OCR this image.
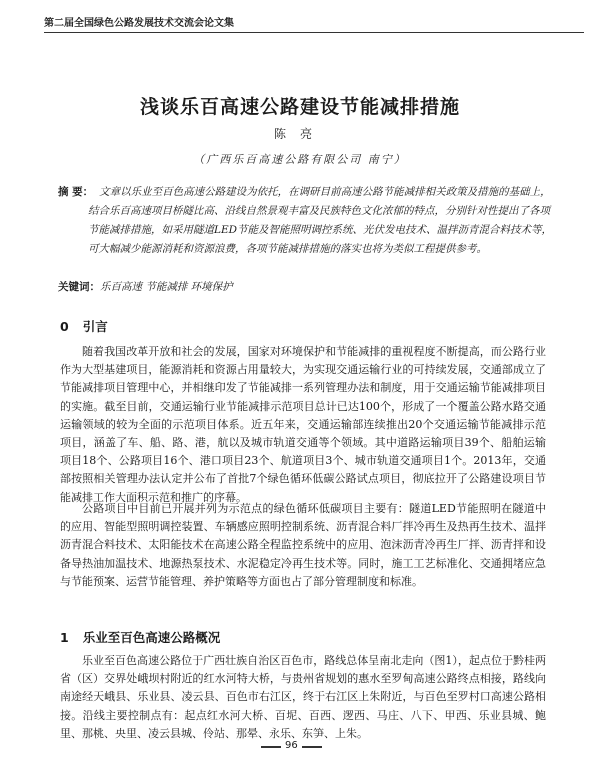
第二届全国绿色公路发展技术交流会论文集
浅谈乐百高速公路建设节能减排措施
陈亮
（广西乐百高速公路有限公司 南宁）
摘 要： 文章以乐业至百色高速公路建设为依托，在调研目前高速公路节能减排相关政策及措施的基础上，结合乐百高速项目桥隧比高、沿线自然景观丰富及民族特色文化浓郁的特点，分别针对性提出了各项节能减排措施，如采用隧道LED节能及智能照明调控系统、光伏发电技术、温拌沥青混合料技术等，可大幅减少能源消耗和资源浪费，各项节能减排措施的落实也将为类似工程提供参考。
关键词：乐百高速 节能减排 环境保护
0 引言
随着我国改革开放和社会的发展，国家对环境保护和节能减排的重视程度不断提高，而公路行业作为大型基建项目，能源消耗和资源占用量较大，为实现交通运输行业的可持续发展，交通部成立了节能减排项目管理中心，并相继印发了节能减排一系列管理办法和制度，用于交通运输节能减排项目的实施。截至目前，交通运输行业节能减排示范项目总计已达100个，形成了一个覆盖公路水路交通运输领域的较为全面的示范项目体系。近五年来，交通运输部连续推出20个交通运输节能减排示范项目，涵盖了车、船、路、港，航以及城市轨道交通等个领域。其中道路运输项目39个、船舶运输项目18个、公路项目16个、港口项目23个、航道项目3个、城市轨道交通项目1个。2013年，交通部按照相关管理办法认定并公布了首批7个绿色循环低碳公路试点项目，彻底拉开了公路建设项目节能减排工作大面积示范和推广的序幕。
公路项目中目前已开展并列为示范点的绿色循环低碳项目主要有：隧道LED节能照明在隧道中的应用、智能型照明调控装置、车辆感应照明控制系统、沥青混合料厂拌冷再生及热再生技术、温拌沥青混合料技术、太阳能技术在高速公路全程监控系统中的应用、泡沫沥青冷再生厂拌、沥青拌和设备导热油加温技术、地源热泵技术、水泥稳定冷再生技术等。同时，施工工艺标准化、交通拥堵应急与节能预案、运营节能管理、养护策略等方面也占了部分管理制度和标准。
1 乐业至百色高速公路概况
乐业至百色高速公路位于广西壮族自治区百色市，路线总体呈南北走向（图1），起点位于黔桂两省（区）交界处峨坝村附近的红水河特大桥，与贵州省规划的惠水至罗甸高速公路终点相接，路线向南途经天峨县、乐业县、凌云县、百色市右江区，终于右江区上朱附近，与百色至罗村口高速公路相接。沿线主要控制点有：起点红水河大桥、百坭、百西、逻西、马庄、八下、甲西、乐业县城、鲍里、那桃、央里、凌云县城、伶站、那晕、永乐、东笋、上朱。
96
